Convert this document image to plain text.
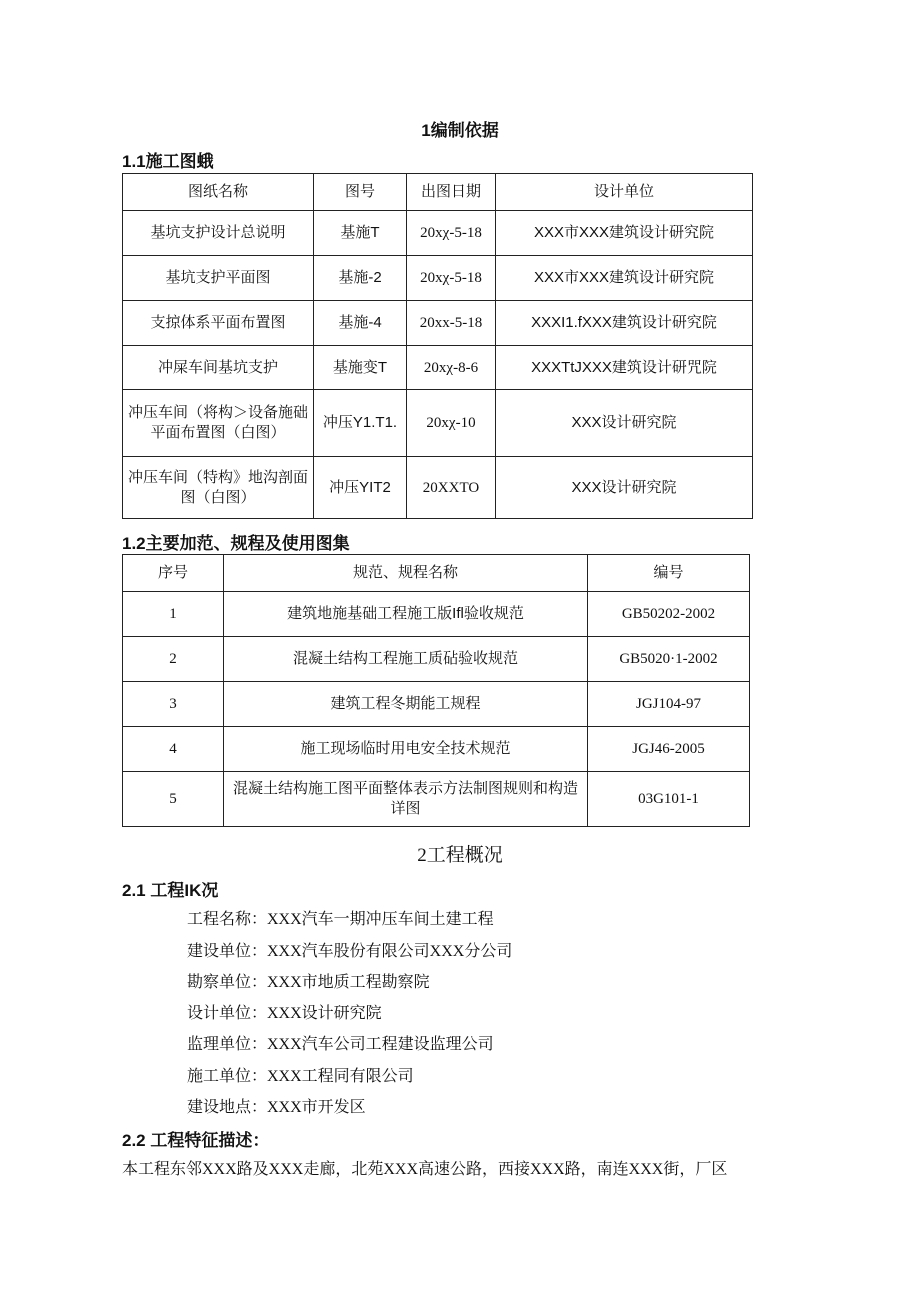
1编制依据
1.1施工图蛾
图纸名称	图号	出图日期	设计单位
基坑支护设计总说明	基施T	20xχ-5-18	XXX市XXX建筑设计研究院
基坑支护平面图	基施-2	20xχ-5-18	XXX市XXX建筑设计研究院
支掠体系平面布置图	基施-4	20xx-5-18	XXXI1.fXXX建筑设计研究院
冲屎车间基坑支护	基施变T	20xχ-8-6	XXXTtJXXX建筑设计研咒院
冲压车间（将构＞设备施础平面布置图（白图）	冲压Y1.T1.	20xχ-10	XXX设计研究院
冲压车间（特构》地沟剖面图（白图）	冲压YIT2	20XXTO	XXX设计研究院
1.2主要加范、规程及使用图集
序号	规范、规程名称	编号
1	建筑地施基础工程施工版Ifl验收规范	GB50202-2002
2	混凝土结构工程施工质砧验收规范	GB5020·1-2002
3	建筑工程冬期能工规程	JGJ104-97
4	施工现场临时用电安全技术规范	JGJ46-2005
5	混凝土结构施工图平面整体表示方法制图规则和构造详图	03G101-1
2工程概况
2.1 工程IK况
工程名称：XXX汽车一期冲压车间土建工程
建设单位：XXX汽车股份有限公司XXX分公司
勘察单位：XXX市地质工程勘察院
设计单位：XXX设计研究院
监理单位：XXX汽车公司工程建设监理公司
施工单位：XXX工程同有限公司
建设地点：XXX市开发区
2.2 工程特征描述：
本工程东邻XXX路及XXX走廊，北苑XXX高速公路，西接XXX路，南连XXX街，厂区
